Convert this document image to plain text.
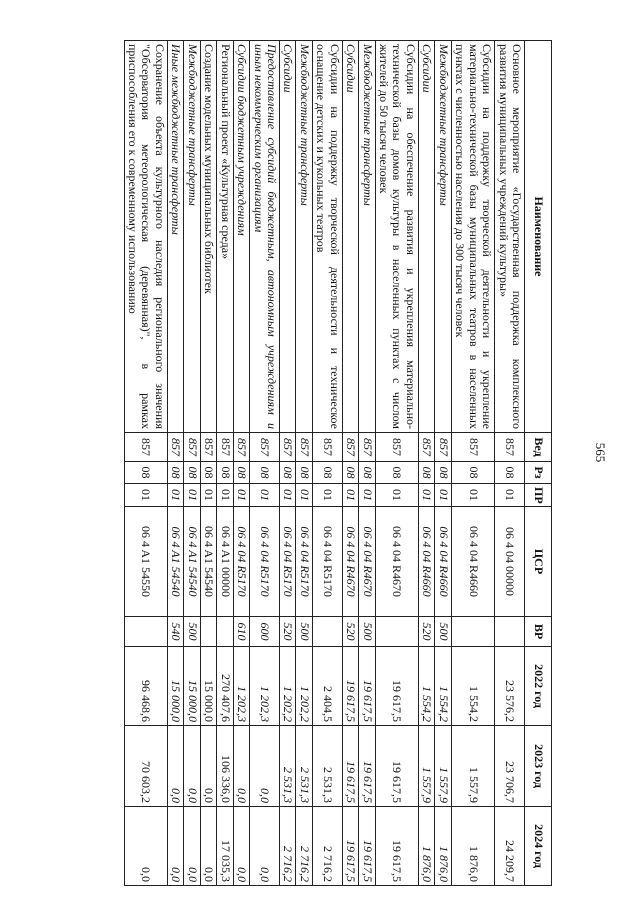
565
Наименование	Вед	Рз	ПР	ЦСР	ВР	2022 год	2023 год	2024 год
Основное мероприятие «Государственная поддержка комплексного развития муниципальных учреждений культуры»	857	08	01	06 4 04 00000		23 576,2	23 706,7	24 209,7
Субсидии на поддержку творческой деятельности и укрепление материально-технической базы муниципальных театров в населенных пунктах с численностью населения до 300 тысяч человек	857	08	01	06 4 04 R4660		1 554,2	1 557,9	1 876,0
Межбюджетные трансферты	857	08	01	06 4 04 R4660	500	1 554,2	1 557,9	1 876,0
Субсидии	857	08	01	06 4 04 R4660	520	1 554,2	1 557,9	1 876,0
Субсидии на обеспечение развития и укрепления материально-технической базы домов культуры в населенных пунктах с числом жителей до 50 тысяч человек	857	08	01	06 4 04 R4670		19 617,5	19 617,5	19 617,5
Межбюджетные трансферты	857	08	01	06 4 04 R4670	500	19 617,5	19 617,5	19 617,5
Субсидии	857	08	01	06 4 04 R4670	520	19 617,5	19 617,5	19 617,5
Субсидии на поддержку творческой деятельности и техническое оснащение детских и кукольных театров	857	08	01	06 4 04 R5170		2 404,5	2 531,3	2 716,2
Межбюджетные трансферты	857	08	01	06 4 04 R5170	500	1 202,2	2 531,3	2 716,2
Субсидии	857	08	01	06 4 04 R5170	520	1 202,2	2 531,3	2 716,2
Предоставление субсидий бюджетным, автономным учреждениям и иным некоммерческим организациям	857	08	01	06 4 04 R5170	600	1 202,3	0,0	0,0
Субсидии бюджетным учреждениям	857	08	01	06 4 04 R5170	610	1 202,3	0,0	0,0
Региональный проект «Культурная среда»	857	08	01	06 4 A1 00000		270 407,6	106 336,0	17 035,3
Создание модельных муниципальных библиотек	857	08	01	06 4 A1 54540		15 000,0	0,0	0,0
Межбюджетные трансферты	857	08	01	06 4 A1 54540	500	15 000,0	0,0	0,0
Иные межбюджетные трансферты	857	08	01	06 4 A1 54540	540	15 000,0	0,0	0,0
Сохранение объекта культурного наследия регионального значения "Обсерватория метеорологическая (деревянная)", в рамках приспособления его к современному использованию	857	08	01	06 4 A1 54550		96 468,6	70 603,2	0,0
